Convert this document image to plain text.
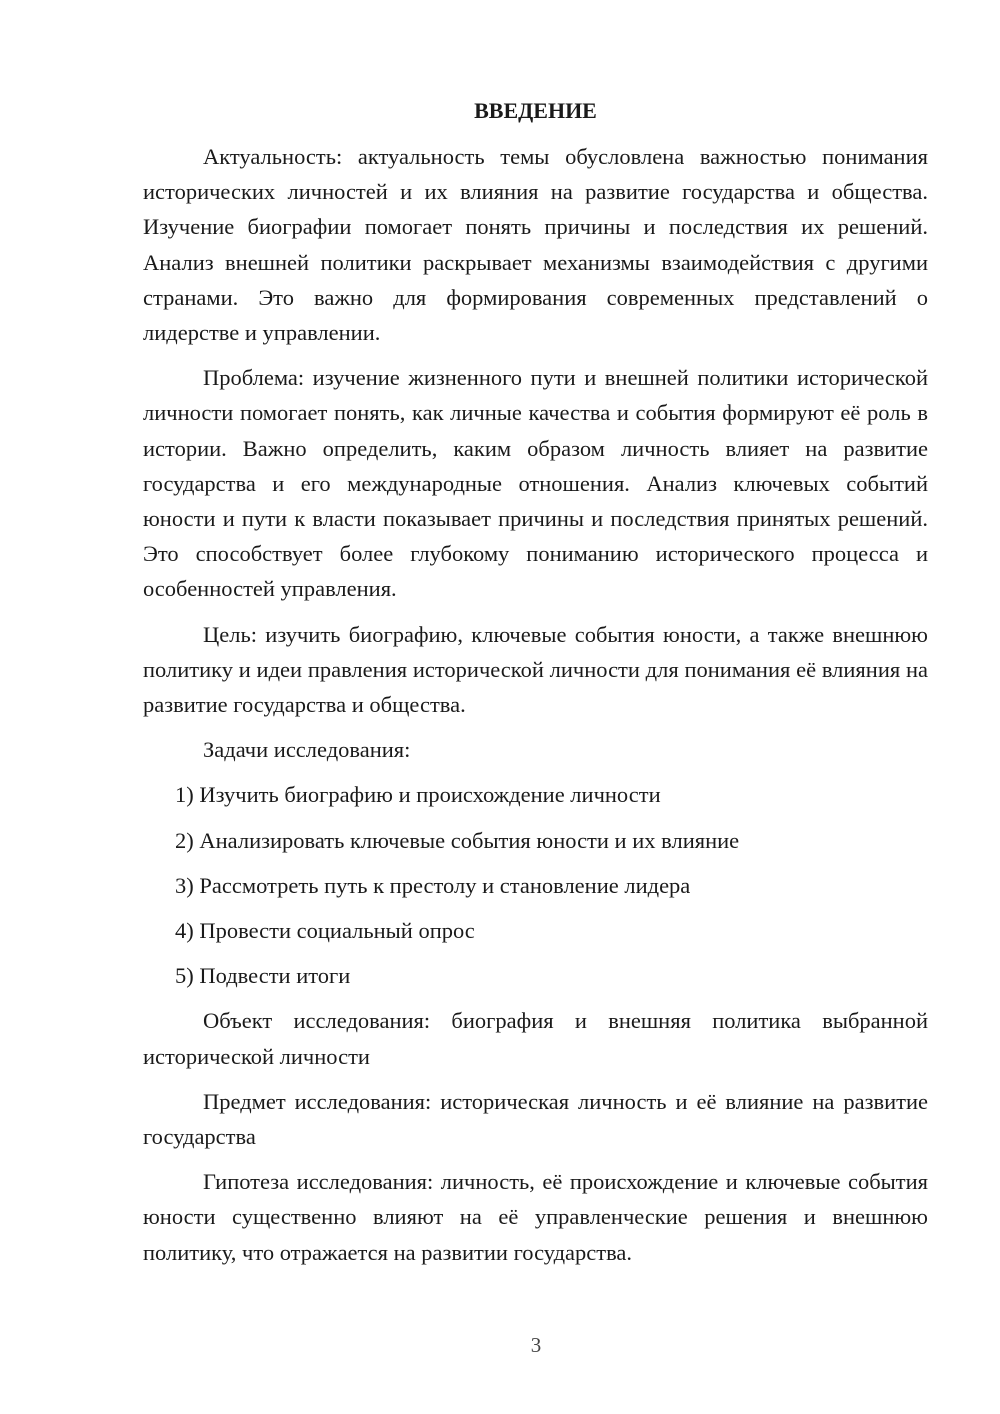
ВВЕДЕНИЕ

Актуальность: актуальность темы обусловлена важностью понимания исторических личностей и их влияния на развитие государства и общества. Изучение биографии помогает понять причины и последствия их решений. Анализ внешней политики раскрывает механизмы взаимодействия с другими странами. Это важно для формирования современных представлений о лидерстве и управлении.

Проблема: изучение жизненного пути и внешней политики исторической личности помогает понять, как личные качества и события формируют её роль в истории. Важно определить, каким образом личность влияет на развитие государства и его международные отношения. Анализ ключевых событий юности и пути к власти показывает причины и последствия принятых решений. Это способствует более глубокому пониманию исторического процесса и особенностей управления.

Цель: изучить биографию, ключевые события юности, а также внешнюю политику и идеи правления исторической личности для понимания её влияния на развитие государства и общества.

Задачи исследования:

1) Изучить биографию и происхождение личности
2) Анализировать ключевые события юности и их влияние
3) Рассмотреть путь к престолу и становление лидера
4) Провести социальный опрос
5) Подвести итоги

Объект исследования: биография и внешняя политика выбранной исторической личности

Предмет исследования: историческая личность и её влияние на развитие государства

Гипотеза исследования: личность, её происхождение и ключевые события юности существенно влияют на её управленческие решения и внешнюю политику, что отражается на развитии государства.

3
